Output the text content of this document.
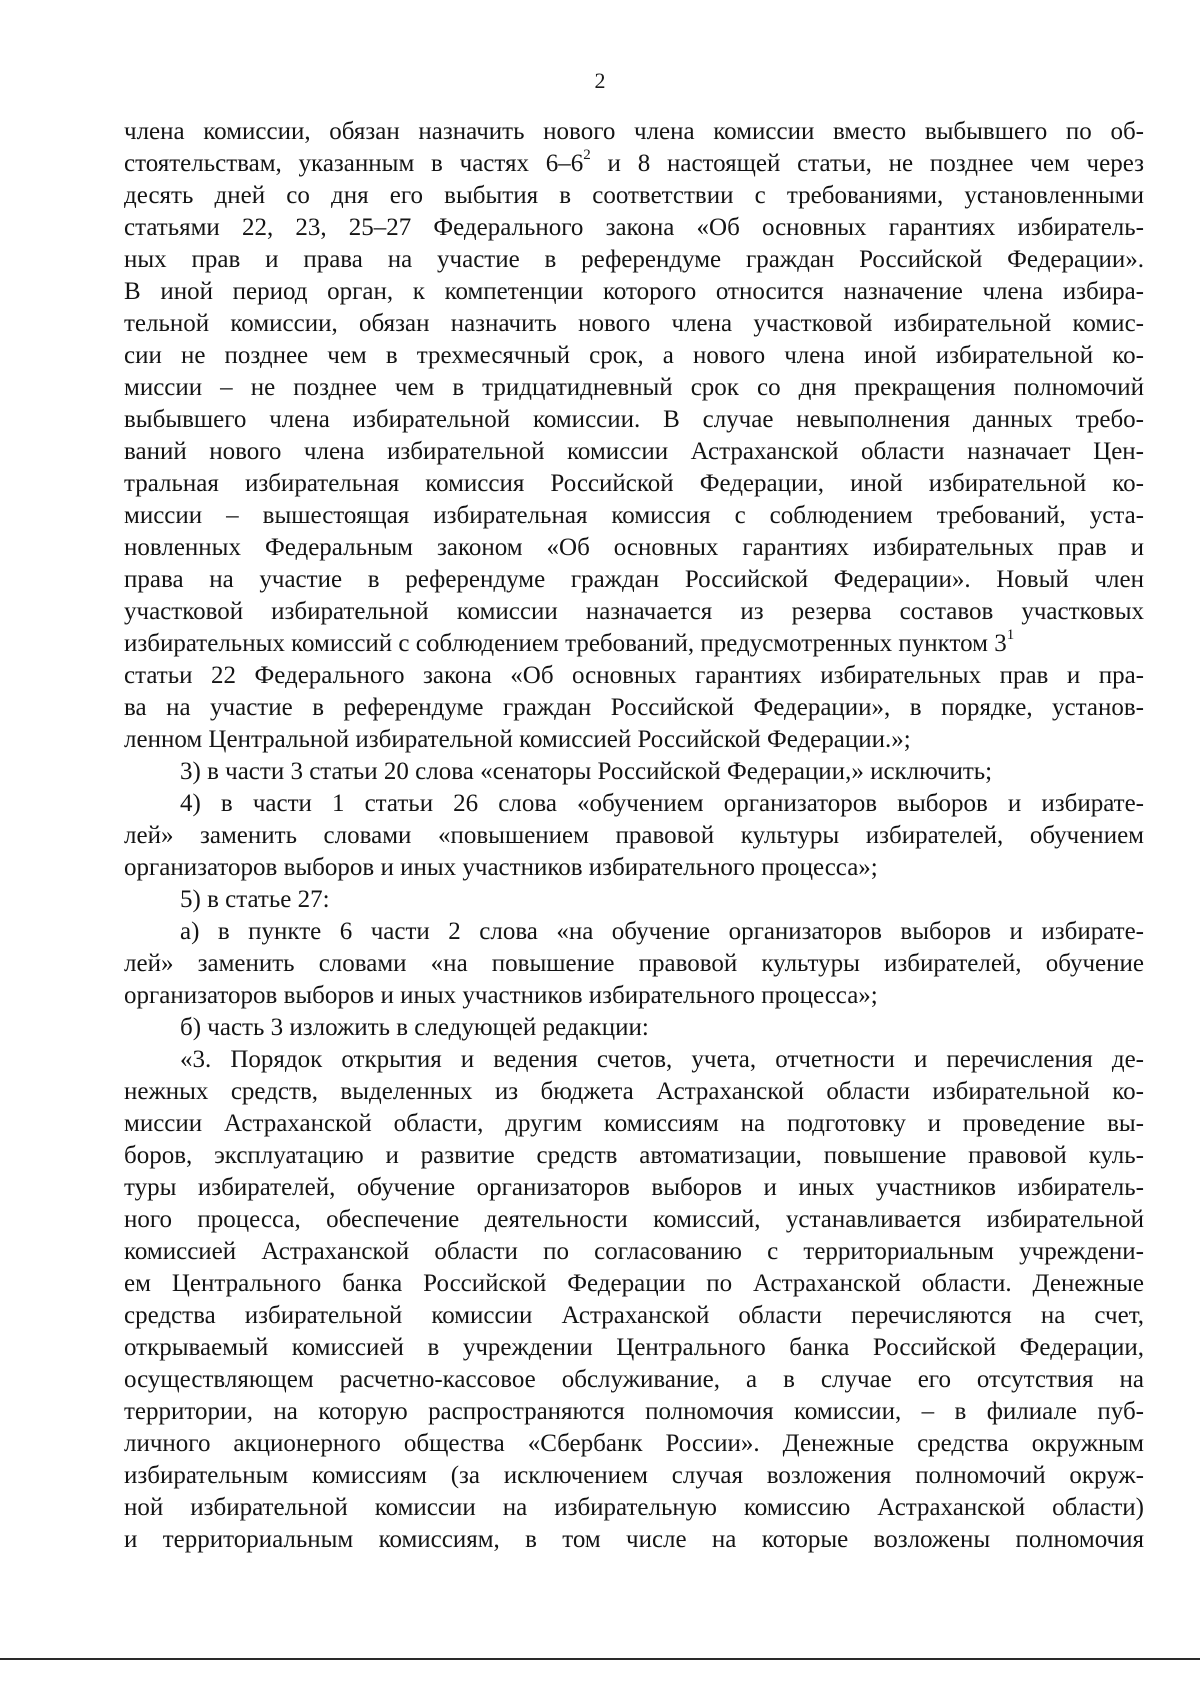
2
члена комиссии, обязан назначить нового члена комиссии вместо выбывшего по об-
стоятельствам, указанным в частях $6-6^2$ и 8 настоящей статьи, не позднее чем через
десять дней со дня его выбытия в соответствии с требованиями, установленными
статьями 22, 23, 25–27 Федерального закона «Об основных гарантиях избиратель-
ных прав и права на участие в референдуме граждан Российской Федерации».
В иной период орган, к компетенции которого относится назначение члена избира-
тельной комиссии, обязан назначить нового члена участковой избирательной комис-
сии не позднее чем в трехмесячный срок, а нового члена иной избирательной ко-
миссии – не позднее чем в тридцатидневный срок со дня прекращения полномочий
выбывшего члена избирательной комиссии. В случае невыполнения данных требо-
ваний нового члена избирательной комиссии Астраханской области назначает Цен-
тральная избирательная комиссия Российской Федерации, иной избирательной ко-
миссии – вышестоящая избирательная комиссия с соблюдением требований, уста-
новленных Федеральным законом «Об основных гарантиях избирательных прав и
права на участие в референдуме граждан Российской Федерации». Новый член
участковой избирательной комиссии назначается из резерва составов участковых
избирательных комиссий с соблюдением требований, предусмотренных пунктом $3^1$
статьи 22 Федерального закона «Об основных гарантиях избирательных прав и пра-
ва на участие в референдуме граждан Российской Федерации», в порядке, установ-
ленном Центральной избирательной комиссией Российской Федерации.»;
3) в части 3 статьи 20 слова «сенаторы Российской Федерации,» исключить;
4) в части 1 статьи 26 слова «обучением организаторов выборов и избирате-
лей» заменить словами «повышением правовой культуры избирателей, обучением
организаторов выборов и иных участников избирательного процесса»;
5) в статье 27:
а) в пункте 6 части 2 слова «на обучение организаторов выборов и избирате-
лей» заменить словами «на повышение правовой культуры избирателей, обучение
организаторов выборов и иных участников избирательного процесса»;
б) часть 3 изложить в следующей редакции:
«3. Порядок открытия и ведения счетов, учета, отчетности и перечисления де-
нежных средств, выделенных из бюджета Астраханской области избирательной ко-
миссии Астраханской области, другим комиссиям на подготовку и проведение вы-
боров, эксплуатацию и развитие средств автоматизации, повышение правовой куль-
туры избирателей, обучение организаторов выборов и иных участников избиратель-
ного процесса, обеспечение деятельности комиссий, устанавливается избирательной
комиссией Астраханской области по согласованию с территориальным учреждени-
ем Центрального банка Российской Федерации по Астраханской области. Денежные
средства избирательной комиссии Астраханской области перечисляются на счет,
открываемый комиссией в учреждении Центрального банка Российской Федерации,
осуществляющем расчетно-кассовое обслуживание, а в случае его отсутствия на
территории, на которую распространяются полномочия комиссии, – в филиале пуб-
личного акционерного общества «Сбербанк России». Денежные средства окружным
избирательным комиссиям (за исключением случая возложения полномочий окруж-
ной избирательной комиссии на избирательную комиссию Астраханской области)
и территориальным комиссиям, в том числе на которые возложены полномочия
